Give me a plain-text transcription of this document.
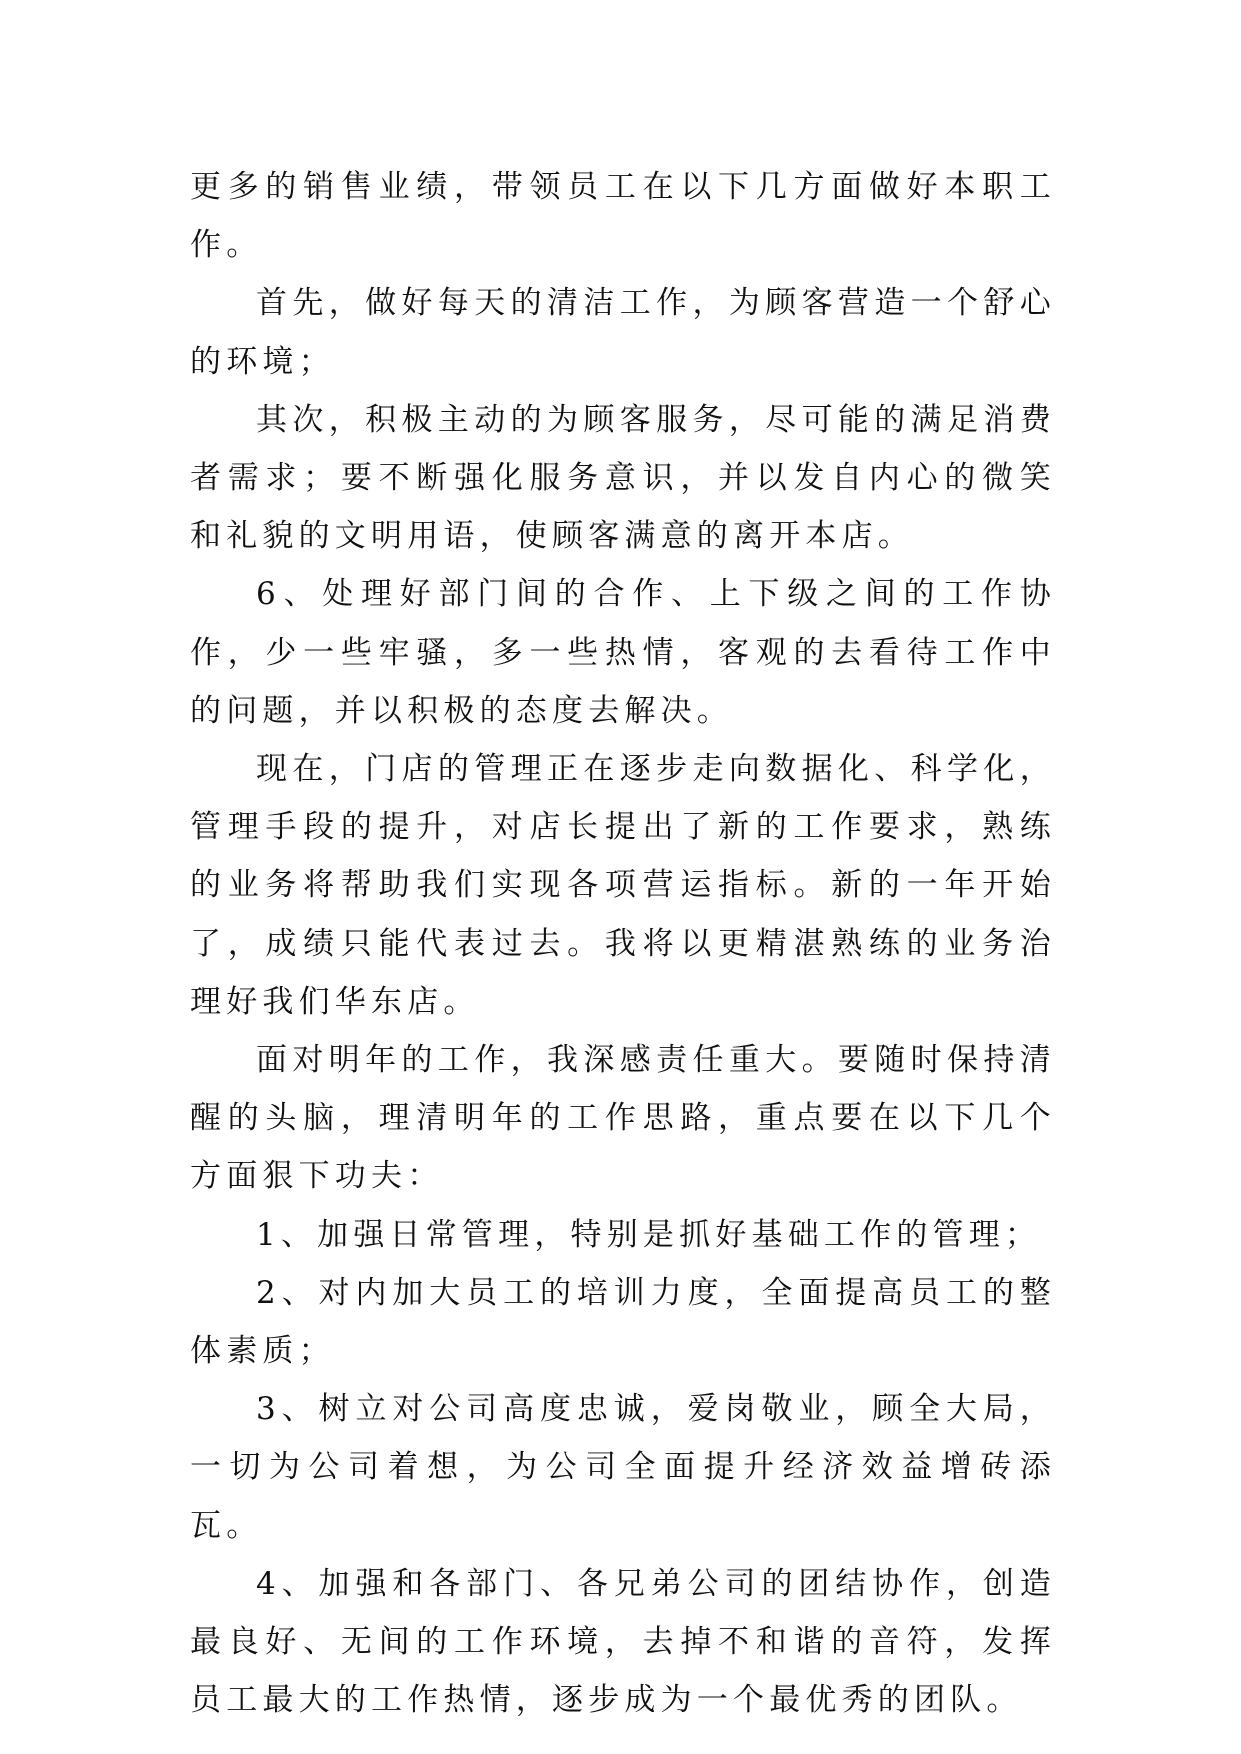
更多的销售业绩，带领员工在以下几方面做好本职工作。

首先，做好每天的清洁工作，为顾客营造一个舒心的环境；

其次，积极主动的为顾客服务，尽可能的满足消费者需求；要不断强化服务意识，并以发自内心的微笑和礼貌的文明用语，使顾客满意的离开本店。

6、处理好部门间的合作、上下级之间的工作协作，少一些牢骚，多一些热情，客观的去看待工作中的问题，并以积极的态度去解决。

现在，门店的管理正在逐步走向数据化、科学化，管理手段的提升，对店长提出了新的工作要求，熟练的业务将帮助我们实现各项营运指标。新的一年开始了，成绩只能代表过去。我将以更精湛熟练的业务治理好我们华东店。

面对明年的工作，我深感责任重大。要随时保持清醒的头脑，理清明年的工作思路，重点要在以下几个方面狠下功夫：

1、加强日常管理，特别是抓好基础工作的管理；

2、对内加大员工的培训力度，全面提高员工的整体素质；

3、树立对公司高度忠诚，爱岗敬业，顾全大局，一切为公司着想，为公司全面提升经济效益增砖添瓦。

4、加强和各部门、各兄弟公司的团结协作，创造最良好、无间的工作环境，去掉不和谐的音符，发挥员工最大的工作热情，逐步成为一个最优秀的团队。
